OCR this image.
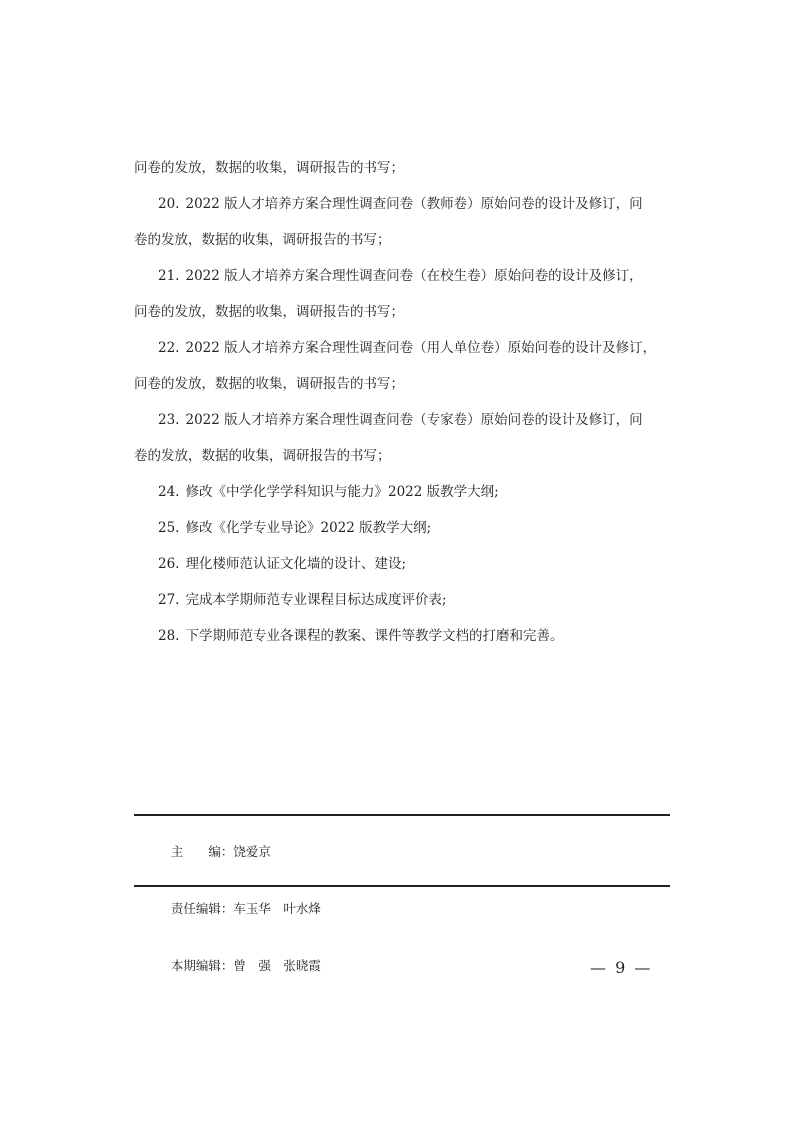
问卷的发放，数据的收集，调研报告的书写；
20. 2022 版人才培养方案合理性调查问卷（教师卷）原始问卷的设计及修订，问
卷的发放，数据的收集，调研报告的书写；
21. 2022 版人才培养方案合理性调查问卷（在校生卷）原始问卷的设计及修订，
问卷的发放，数据的收集，调研报告的书写；
22. 2022 版人才培养方案合理性调查问卷（用人单位卷）原始问卷的设计及修订，
问卷的发放，数据的收集，调研报告的书写；
23. 2022 版人才培养方案合理性调查问卷（专家卷）原始问卷的设计及修订，问
卷的发放，数据的收集，调研报告的书写；
24. 修改《中学化学学科知识与能力》2022 版教学大纲;
25. 修改《化学专业导论》2022 版教学大纲;
26. 理化楼师范认证文化墙的设计、建设;
27. 完成本学期师范专业课程目标达成度评价表;
28. 下学期师范专业各课程的教案、课件等教学文档的打磨和完善。

主　　编：饶爱京

责任编辑：车玉华　叶水烽

本期编辑：曾　强　张晓霞
	— 9 —
